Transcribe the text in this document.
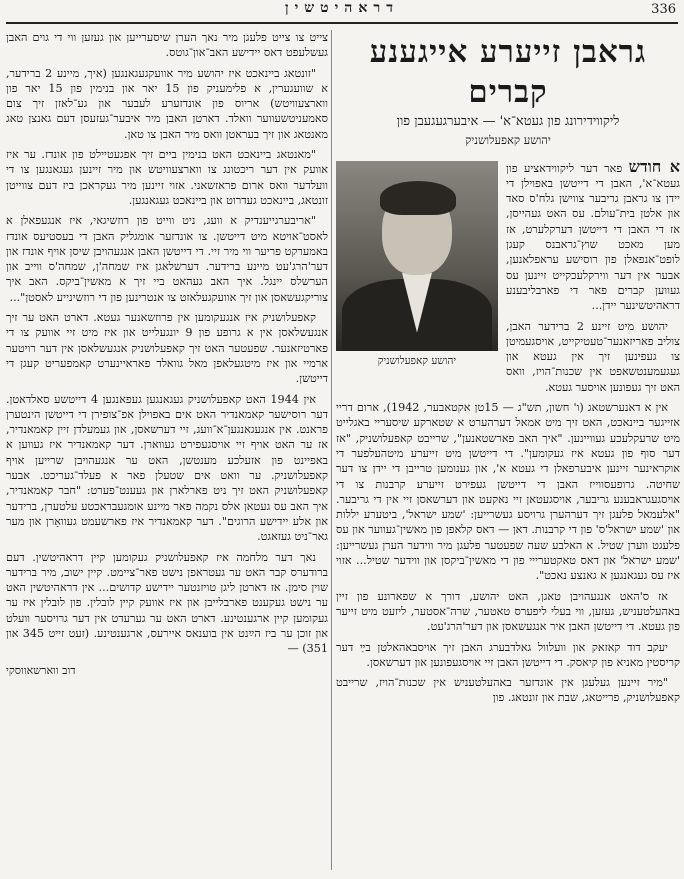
דראהיטשין	336
גראבן זייערע אייגענע קברים
ליקווידירונג פון געטא־א' — איבערגעגעבן פון
יהושע קאפעלושניק
יהושע קאפעלושניק

א חודש פאר דער ליקווידאציע פון געטא־א', האבן די דייטשן באפוילן די יידן צו גראבן גריבער צווישן גלח'ס סאד און אלטן בית־עולם. עס האט געהייסן, אז די האבן די דייטשן דערקלערט, אז מען מאכט שוץ־גראבנס קעגן לופט־אנפאלן פון רוסישע עראפלאנען, אבער אין דער ווירקלעכקייט זיינען עס געווען קברים פאר די פארבליבענע דראהיטשינער יידן...

יהושע מיט זיינע 2 ברידער האבן, צוליב פאריזאנער־טעטיקייט, אויסגעמיטן צו געפינען זיך אין געטא און געגעמענטשאפט אין שכנות־הויז, וואס האט זיך געפונען אויסער געטא.

אין א דאנערשטאג (ו' חשון, תש"ג — 15טן אקטאבער, 1942), ארום דריי אזייגער ביינאכט, האט זיך מיט אמאל דערהערט א שטארקע שיסעריי באגלייט מיט שרעקלעכע געוויינען. "איך האב פארשטאנען", שרייבט קאפעלושניק, "אז דער סוף פון געטא איז געקומען". די דייטשן מיט זייערע מיטהעלפער די אוקראינער זיינען איבערפאלן די געטא א', און גענומען טרייבן די יידן צו דער שחיטה. גרופעסווייז האבן די דייטשן געפירט זייערע קרבנות צו די אויסגעגראבענע גריבער, אויסגעטאן זיי נאקעט און דערשאסן זיי אין די גריבער. "אלעמאל פלעגן זיך דערהערן גרויסע געשרייען: 'שמע ישראל', ביטערע יללות און 'שמע ישראל'ס' פון די קרבנות. דאן — דאס קלאפן פון מאשין־געווער און עס פלעגט ווערן שטיל. א האלבע שעה שפעטער פלעגן מיר ווידער הערן געשרייען: 'שמע ישראל' און דאס טאקטערייי פון די מאשין־ביקסן און ווידער שטיל... אזוי איז עס געגאנגען א גאנצע נאכט".

אז ס'האט אנגעהויבן טאגן, האט יהושע, דורך א שפארונע פון זיין באהעלטעניש, געזען, ווי בעלי ליפערס טאטער, שרה־אסטער, ליזעט מיט זייער פון געטא. די דייטשן האבן איר אנגעשאסן און דער'הרג'עט.

יעקב דוד קאזאק און וועלוול גאלדבערג האבן זיך אויסבאהאלטן בײַ דער קריסטין מאניא פון קיאסק. די דייטשן האבן זיי אויסגעפונען און דערשאסן.

"מיר זיינען געלעגן אין אונדזער באהעלטעניש אין שכנות־הויז, שרייבט קאפעלושניק, פרייטאג, שבת און זונטאג. פון

צייט צו צייט פלעגן מיר נאך הערן שיסערייען און געזען ווי די גוים האבן געשלעפט דאס יידישע האב־און־גוטס.

"זונטאג ביינאכט איז יהושע מיר אוועקגעגאנגען (איך, מיינע 2 ברידער, א שוועגערין, א פלימעניק פון 15 יאר און בנימין פון 15 יאר פון ווארצעוויטש) אריוס פון אונדזערע לעבער און גע־לאזן זיך צום סאמעניטשעווער וואלד. דארטן האבן מיר איבער־געזעסן דעם גאנצן טאג מאנטאג און זיך בעראטן וואס מיר האבן צו טאן.

"מאנטאג ביינאכט האט בנימין ביים זיך אפגעטיילט פון אונדז. ער איז אוועק אין דער ריכטונג צו ווארצעוויטש און מיר זיינען געגאנגען צו די וועלדער וואס ארום פראזשאני. אזוי זיינען מיר געקראכן ביז דעם צווייטן זונטאג, ביינאכט געדרוט און ביינאכט געגאנגען.

"אריבערגייענדיק א וועג, ניט ווייט פון רוזשיגאי, איז אנגעפאלן א לאסט־אויטא מיט דייטשן. צו אונדזער אומגליק האבן די בעסטיעס אונדז באמערקט פריער ווי מיר זיי. די דייטשן האבן אנגעהויבן שיסן אויף אונדז און דער'הרג'עט מיינע ברידער. דערשלאגן איז שמחה'ן, שמחה'ס ווייב און הערשלס יינגל. איך האב געהאט ביי זיך א מאשין־ביקס. האב איך צוריקגעשאסן און זיך אוועקגעלאזט צו אנטרינען פון די רוזשינייע לאסטן"...

קאפעלושניק איז אנגעקומען אין פרוזשאנער געטא. דארט האט ער זיך אנגעשלאסן אין א גרופע פון 9 יונגעלייט און איז מיט זיי אוועק צו די פארטיזאנער. שפעטער האט זיך קאפעלושניק אנגעשלאסן אין דער רויטער ארמיי און איז מיטגעלאפן מאל גוואלד פאראיינערט קאמפעריט קעגן די דייטשן.

אין 1944 האט קאפעלושניק געגאנגען געפאנגען 4 דייטשע סאלדאטן. דער רוסישער קאמאנדיר האט אים באפוילן אפ־צופירן די דייטשן הינטערן פראנט. אין אנגעגאנגען־א־וועג, זיי דערשאסן, און געמעלדן זיין קאמאנדיר, אז ער האט אויף זיי אויסגעפירט געווארן. דער קאמאנדיר איז געווען א באפיינט פון אזעלכע מענטשן, האט ער אנגעהויבן שרייען אויף קאפעלושניק. ער וואט אים שטעלן פאר א פעלד־געריכט. אבער קאפעלושניק האט זיך ניט פארלארן און געענט־פערט: "חבר קאמאנדיר, איך האב עס געטאן אלס נקמה פאר מיינע אומגעבראכטע עלטערן, ברידער און אלע יידישע הרוגים". דער קאמאנדיר איז פארשעמט געוואָרן און מער גאר־ניט געזאגט.

נאך דער מלחמה איז קאפעלושניק געקומען קיין דראהיטשין. דעם ברודערס קבר האט ער געטראפן נישט פאר־ציימט. קיין ישוב, מיר ברידער שוין סימן. אז דארטן ליגן טויזנטער יידישע קדושים... אין דראהיטשין האט ער נישט געקענט פארבלייבן און איז אוועק קיין לובלין. פון לובלין איז ער געקומען קיין ארגענטינע. דארט האט ער גערעדט אין דער גרויסער וועלט און זוכן ער ביז הײַנט אין בוענאס איירעס, ארגענטינע. (זעט זייט 345 און 351) —

דוב ווארשאווסקי
